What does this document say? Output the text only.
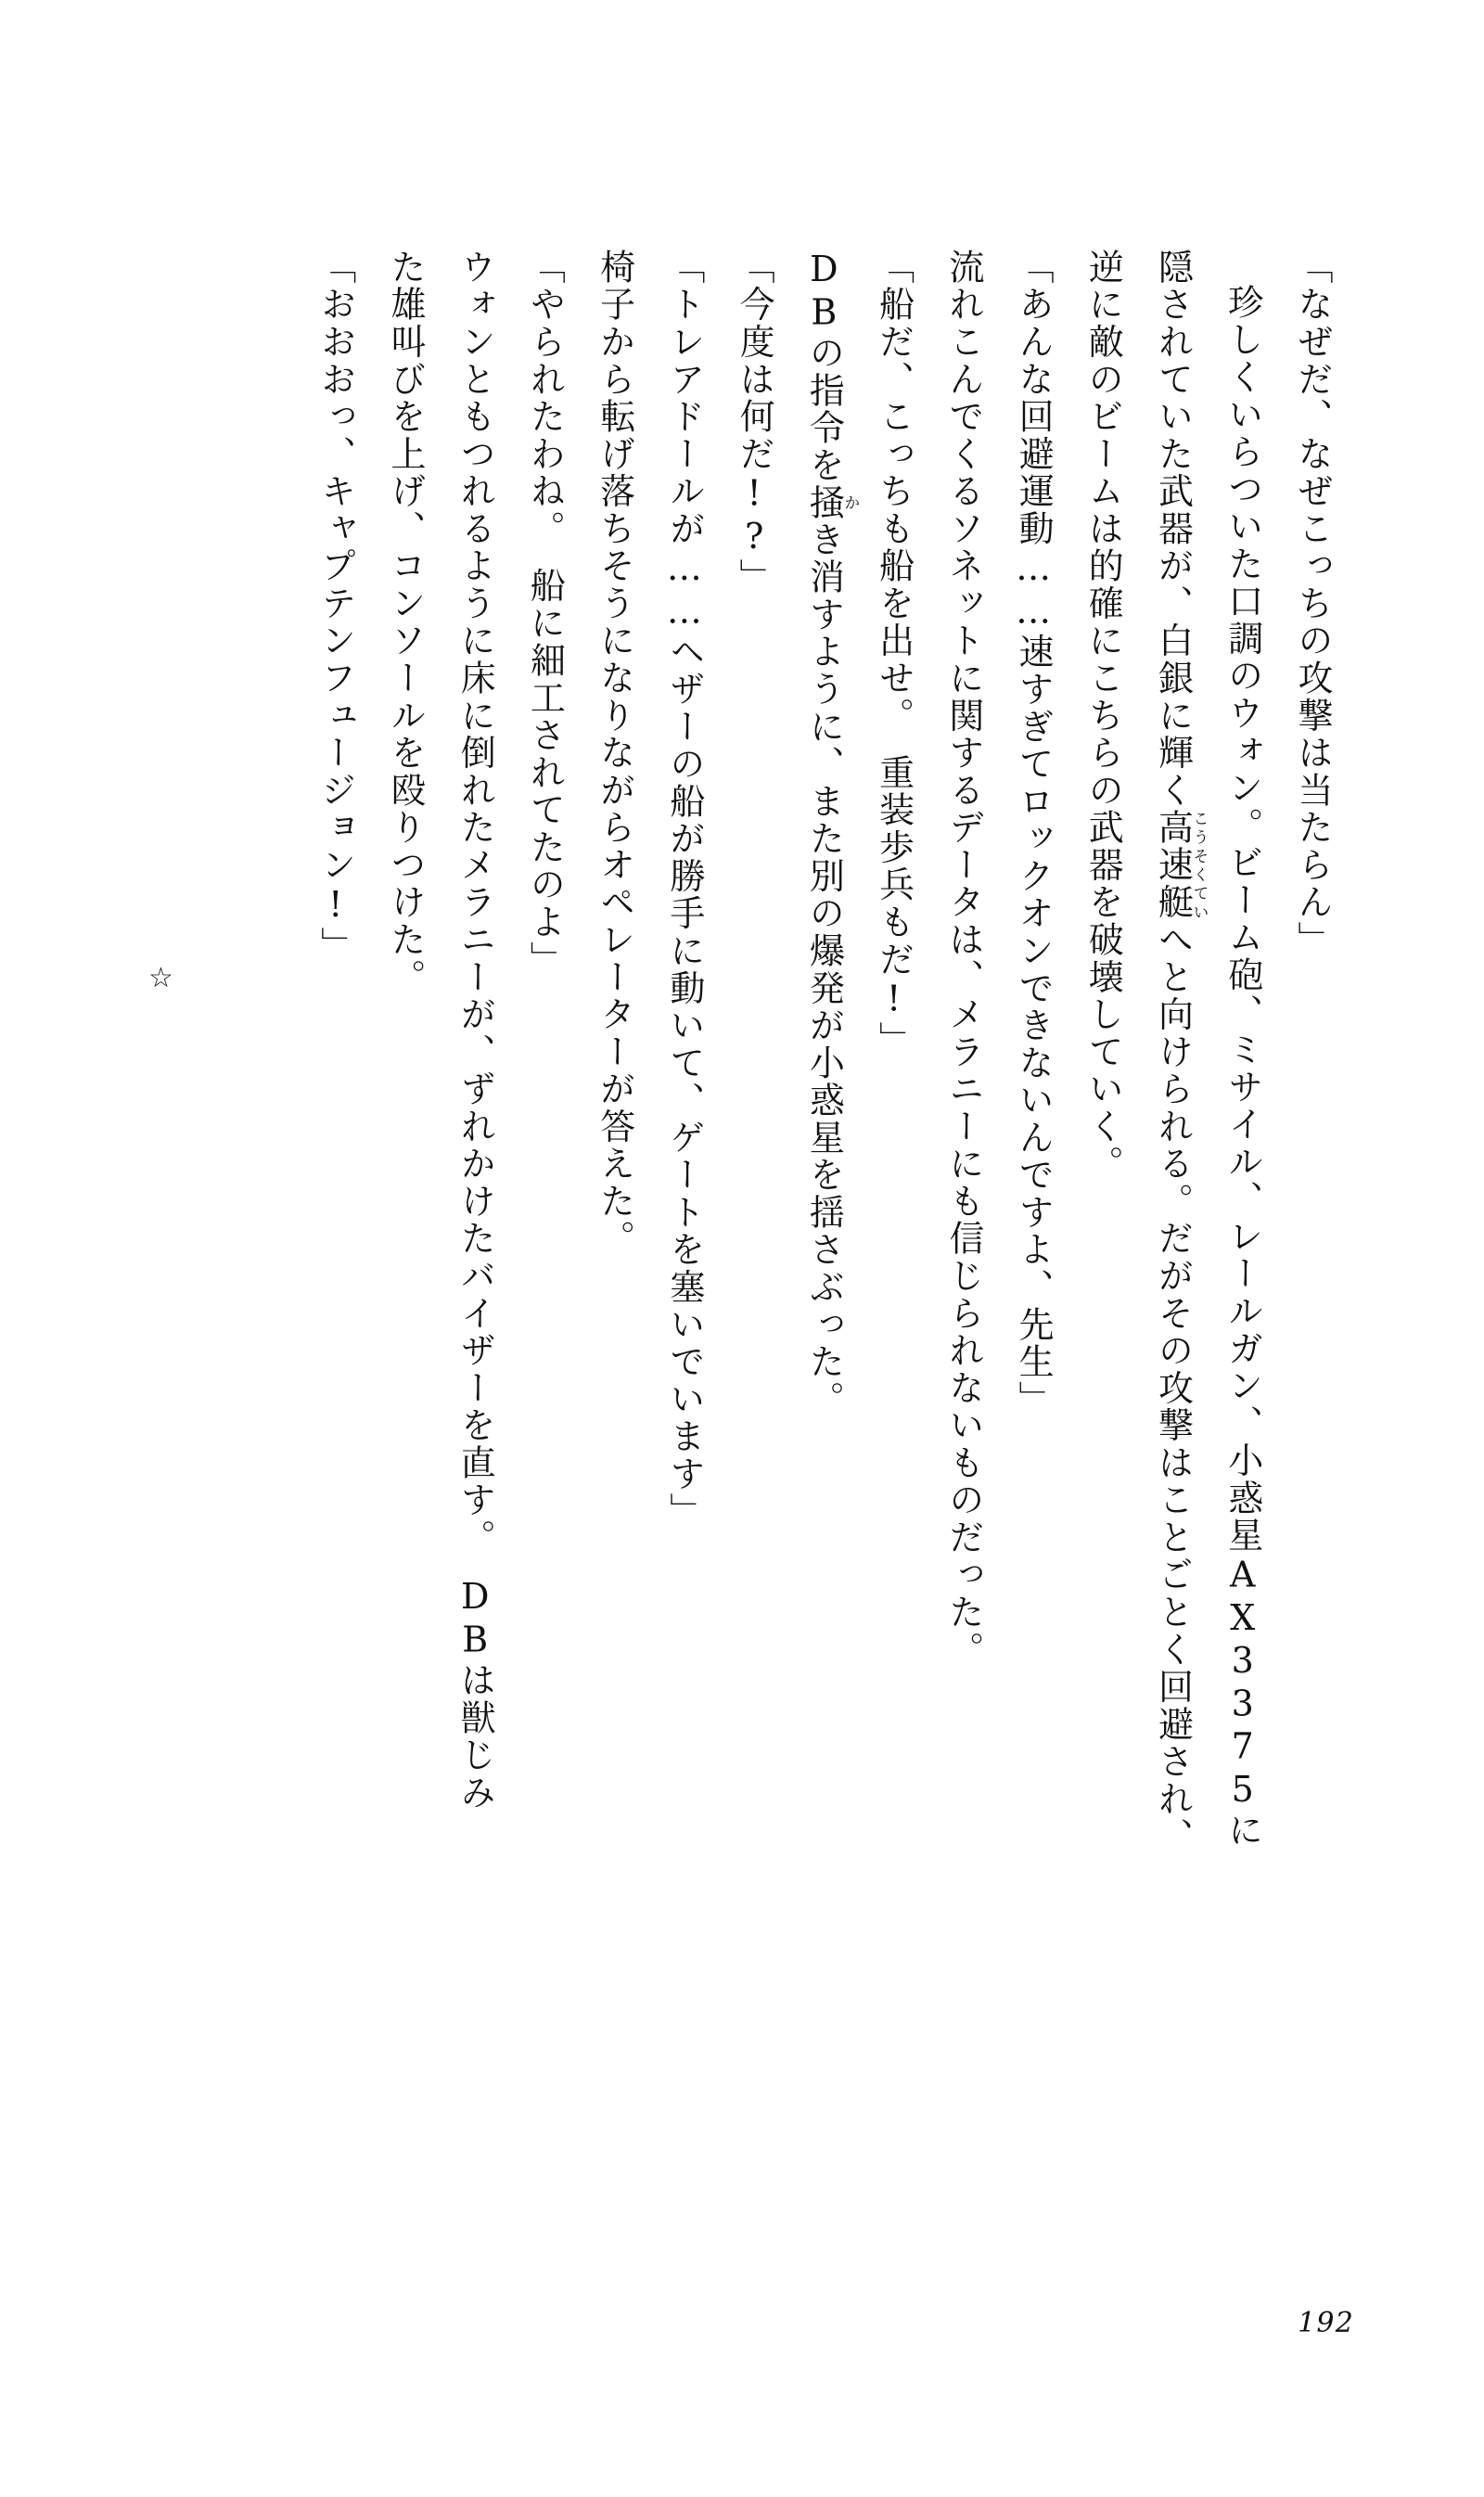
「なぜだ、なぜこっちの攻撃は当たらん」

珍しくいらついた口調のウォン。ビーム砲、ミサイル、レールガン、小惑星AX3375に

隠されていた武器が、白銀に輝く高速艇こうそくていへと向けられる。だがその攻撃はことごとく回避され、

逆に敵のビームは的確にこちらの武器を破壊していく。

「あんな回避運動……速すぎてロックオンできないんですよ、先生」

流れこんでくるソネットに関するデータは、メラニーにも信じられないものだった。

「船だ、こっちも船を出せ。　重装歩兵もだ!」

DBの指令を掻かき消すように、また別の爆発が小惑星を揺さぶった。

「今度は何だ!?」

「トレアドールが……ヘザーの船が勝手に動いて、ゲートを塞いでいます」

椅子から転げ落ちそうになりながらオペレーターが答えた。

「やられたわね。　船に細工されてたのよ」

ウォンともつれるように床に倒れたメラニーが、ずれかけたバイザーを直す。　DBは獣じみ

た雄叫びを上げ、コンソールを殴りつけた。

「おおおっ、キャプテンフュージョン!」

☆
192
